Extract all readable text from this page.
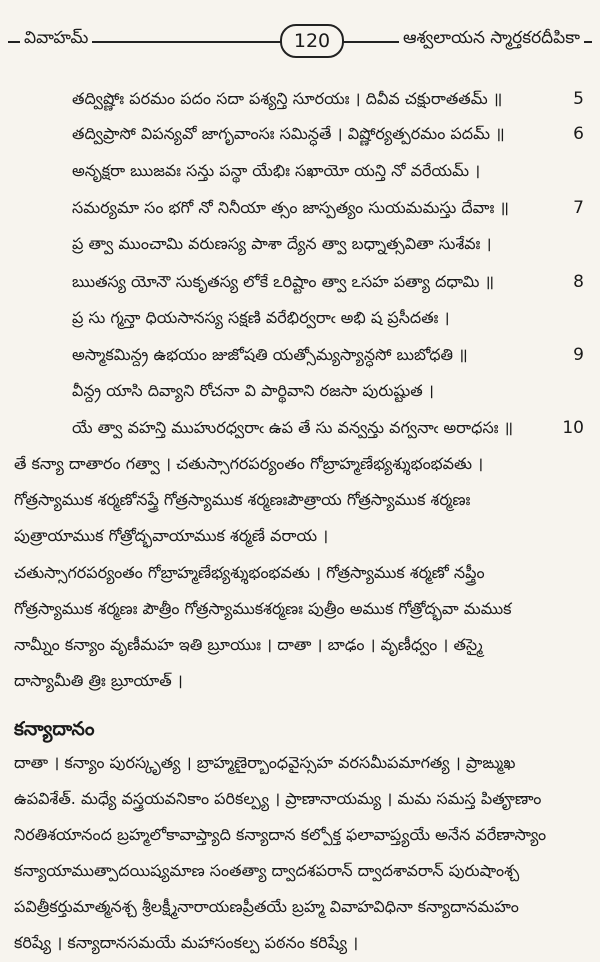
వివాహమ్	120	ఆశ్వలాయన స్మార్తకరదీపికా
తద్విష్ణోః పరమం పదం సదా పశ్యన్తి సూరయః । దివీవ చక్షురాతతమ్ ॥	5
తద్విప్రాసో విపన్యవో జాగృవాంసః సమిన్ధతే । విష్ణోర్యత్పరమం పదమ్ ॥	6
అనృక్షరా ఋజవః సన్తు పన్థా యేభిః సఖాయో యన్తి నో వరేయమ్ ।
సమర్యమా సం భగో నో నినీయా త్సం జాస్పత్యం సుయమమస్తు దేవాః ॥	7
ప్ర త్వా ముంచామి వరుణస్య పాశా ద్యేన త్వా బధ్నాత్సవితా సుశేవః ।
ఋతస్య యోనౌ సుకృతస్య లోకే ఽరిష్టాం త్వా ఽసహ పత్యా దధామి ॥	8
ప్ర సు గ్మన్తా ధియసానస్య సక్షణి వరేభిర్వరాఁ అభి ష ప్రసీదతః ।
అస్మాకమిన్ద్ర ఉభయం జుజోషతి యత్సోమ్యస్యాన్ధసో బుబోధతి ॥	9
వీన్ద్ర యాసి దివ్యాని రోచనా వి పార్థివాని రజసా పురుష్టుత ।
యే త్వా వహన్తి ముహురధ్వరాఁ ఉప తే సు వన్వన్తు వగ్వనాఁ అరాధసః ॥	10
తే కన్యా దాతారం గత్వా । చతుస్సాగరపర్యంతం గోబ్రాహ్మణేభ్యశ్శుభంభవతు ।
గోత్రస్యాముక శర్మణోనప్త్రే గోత్రస్యాముక శర్మణఃపౌత్రాయ గోత్రస్యాముక శర్మణః
పుత్రాయాముక గోత్రోద్భవాయాముక శర్మణే వరాయ ।
చతుస్సాగరపర్యంతం గోబ్రాహ్మణేభ్యశ్శుభంభవతు । గోత్రస్యాముక శర్మణో నప్త్రీం
గోత్రస్యాముక శర్మణః పౌత్రీం గోత్రస్యాముకశర్మణః పుత్రీం అముక గోత్రోద్భవా మముక
నామ్నీం కన్యాం వృణీమహ ఇతి బ్రూయుః । దాతా । బాఢం । వృణీధ్వం । తస్మై
దాస్యామీతి త్రిః బ్రూయాత్ ।
కన్యాదానం
దాతా । కన్యాం పురస్కృత్య । బ్రాహ్మణైర్బాంధవైస్సహ వరసమీపమాగత్య । ప్రాఙ్ముఖ
ఉపవిశేత్. మధ్యే వస్త్రయవనికాం పరికల్ప్య । ప్రాణానాయమ్య । మమ సమస్త పితౄణాం
నిరతిశయానంద బ్రహ్మలోకావాప్త్యాది కన్యాదాన కల్పోక్త ఫలావాప్త్యయే అనేన వరేణాస్యాం
కన్యాయాముత్పాదయిష్యమాణ సంతత్యా ద్వాదశపరాన్ ద్వాదశావరాన్ పురుషాంశ్చ
పవిత్రీకర్తుమాత్మనశ్చ శ్రీలక్ష్మీనారాయణప్రీతయే బ్రహ్మ వివాహవిధినా కన్యాదానమహం
కరిష్యే । కన్యాదానసమయే మహాసంకల్ప పఠనం కరిష్యే ।
